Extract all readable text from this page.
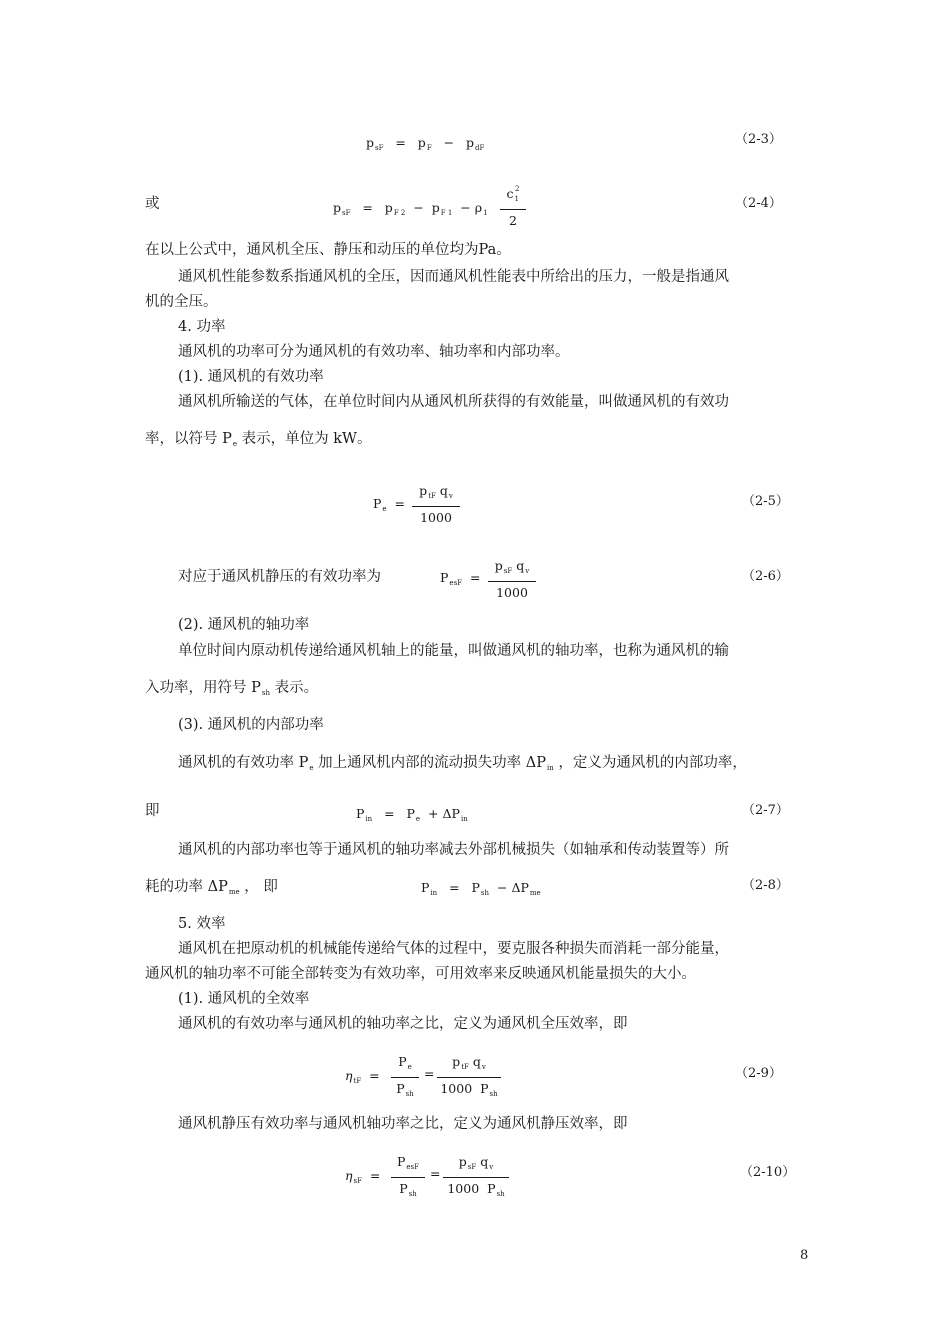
$p_{sF} = p_F - p_{dF}$
（2-3）
或	$p_{sF} = p_{F 2} - p_{F 1} - \rho_1 \frac{c_1^2}{2}$	（2-4）
在以上公式中，通风机全压、静压和动压的单位均为Pa。
通风机性能参数系指通风机的全压，因而通风机性能表中所给出的压力，一般是指通风
机的全压。
4. 功率
通风机的功率可分为通风机的有效功率、轴功率和内部功率。
(1). 通风机的有效功率
通风机所输送的气体，在单位时间内从通风机所获得的有效能量，叫做通风机的有效功
率，以符号 $P_e$ 表示，单位为 kW。
$P_e$ =
$p_{tF}$ $q_v$
1000
（2-5）
对应于通风机静压的有效功率为	$P_{esF}$ =
$p_{sF}$ $q_v$
1000
（2-6）
(2). 通风机的轴功率
单位时间内原动机传递给通风机轴上的能量，叫做通风机的轴功率，也称为通风机的输
入功率，用符号 $P_{sh}$ 表示。
(3). 通风机的内部功率
通风机的有效功率 $P_e$ 加上通风机内部的流动损失功率 $\Delta P_{in}$ ，定义为通风机的内部功率，
即	$P_{in} = P_e + \Delta P_{in}$
（2-7）
通风机的内部功率也等于通风机的轴功率减去外部机械损失（如轴承和传动装置等）所
耗的功率 $\Delta P_{me}$ ， 即	$P_{in} = P_{sh} - \Delta P_{me}$	（2-8）
5. 效率
通风机在把原动机的机械能传递给气体的过程中，要克服各种损失而消耗一部分能量，
通风机的轴功率不可能全部转变为有效功率，可用效率来反映通风机能量损失的大小。
(1). 通风机的全效率
通风机的有效功率与通风机的轴功率之比，定义为通风机全压效率，即
$\eta_{tF}$ =
$P_e$
$P_{sh}$
=
$p_{tF}$ $q_v$
1000 $P_{sh}$
（2-9）
通风机静压有效功率与通风机轴功率之比，定义为通风机静压效率，即
$\eta_{sF}$ =
$P_{esF}$
$P_{sh}$
=
$p_{sF}$ $q_v$
1000 $P_{sh}$
（2-10）
8
